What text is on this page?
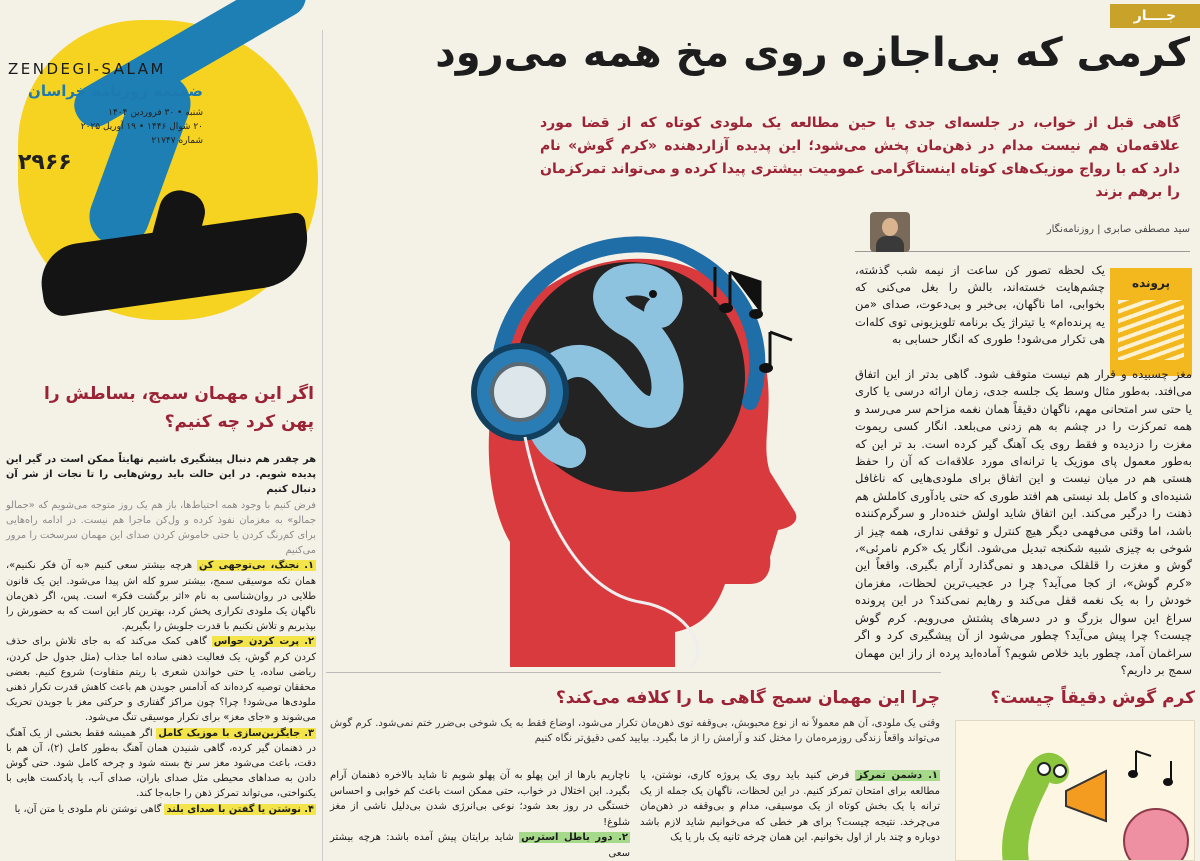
ZENDEGI-SALAM
ضمیمه روزنامه خراسان
شنبه • ۳۰ فروردین ۱۴۰۴
۲۰ شوال ۱۴۴۶ • ۱۹ آوریل ۲۰۲۵
شماره ۲۱۷۴۷
۲۹۶۶
جــــار
کرمی که بی‌اجازه روی مخ همه می‌رود

گاهی قبل از خواب، در جلسه‌ای جدی یا حین مطالعه یک ملودی کوتاه که از قضا مورد علاقه‌مان هم نیست مدام در ذهن‌مان پخش می‌شود؛ این پدیده آزاردهنده «کرم گوش» نام دارد که با رواج موزیک‌های کوتاه اینستاگرامی عمومیت بیشتری پیدا کرده و می‌تواند تمرکزمان را برهم بزند

سید مصطفی صابری | روزنامه‌نگار
پرونده

یک لحظه تصور کن ساعت از نیمه شب گذشته، چشم‌هایت خسته‌اند، بالش را بغل می‌کنی که بخوابی، اما ناگهان، بی‌خبر و بی‌دعوت، صدای «من یه پرنده‌ام» یا تیتراژ یک برنامه تلویزیونی توی کله‌ات هی تکرار می‌شود! طوری که انگار حسابی به

مغز چسبیده و قرار هم نیست متوقف شود. گاهی بدتر از این اتفاق می‌افتد. به‌طور مثال وسط یک جلسه جدی، زمان ارائه درسی یا کاری یا حتی سر امتحانی مهم، ناگهان دقیقاً همان نغمه مزاحم سر می‌رسد و همه تمرکزت را در چشم به هم زدنی می‌بلعد. انگار کسی ریموت مغزت را دزدیده و فقط روی یک آهنگ گیر کرده است. بد تر این که به‌طور معمول پای موزیک یا ترانه‌ای مورد علاقه‌ات که آن را حفظ هستی هم در میان نیست و این اتفاق برای ملودی‌هایی که ناغافل شنیده‌ای و کامل بلد نیستی هم افتد طوری که حتی یادآوری کاملش هم ذهنت را درگیر می‌کند. این اتفاق شاید اولش خنده‌دار و سرگرم‌کننده باشد، اما وقتی می‌فهمی دیگر هیچ کنترل و توقفی نداری، همه چیز از شوخی به چیزی شبیه شکنجه تبدیل می‌شود. انگار یک «کرم نامرئی»، گوش و مغزت را قلقلک می‌دهد و نمی‌گذارد آرام بگیری. واقعاً این «کرم گوش»، از کجا می‌آید؟ چرا در عجیب‌ترین لحظات، مغزمان خودش را به یک نغمه قفل می‌کند و رهایم نمی‌کند؟ در این پرونده سراغ این سوال بزرگ و در دسرهای پشتش می‌رویم. کرم گوش چیست؟ چرا پیش می‌آید؟ چطور می‌شود از آن پیشگیری کرد و اگر سراغمان آمد، چطور باید خلاص شویم؟ آماده‌اید پرده از راز این مهمان سمج بر داریم؟

اگر این مهمان سمج، بساطش را پهن کرد چه کنیم؟

هر چقدر هم دنبال پیشگیری باشیم نهایتاً ممکن است در گیر این پدیده شویم. در این حالت باید روش‌هایی را تا نجات از شر آن دنبال کنیم

فرض کنیم با وجود همه احتیاط‌ها، باز هم یک روز متوجه می‌شویم که «جمالو جمالو» به مغزمان نفوذ کرده و ول‌کن ماجرا هم نیست. در ادامه راه‌هایی برای کم‌رنگ کردن یا حتی خاموش کردن صدای این مهمان سرسخت را مرور می‌کنیم

۱. نجنگ، بی‌توجهی کن هرچه بیشتر سعی کنیم «به آن فکر نکنیم»، همان تکه موسیقی سمج، بیشتر سرو کله اش پیدا می‌شود. این یک قانون طلایی در روان‌شناسی به نام «اثر برگشت فکر» است. پس، اگر ذهن‌مان ناگهان یک ملودی تکراری پخش کرد، بهترین کار این است که به حضورش را بپذیریم و تلاش نکنیم با قدرت جلویش را بگیریم.

۲. پرت کردن حواس گاهی کمک می‌کند که به جای تلاش برای حذف کردن کرم گوش، یک فعالیت ذهنی ساده اما جذاب (مثل جدول حل کردن، ریاضی ساده، یا حتی خواندن شعری با ریتم متفاوت) شروع کنیم. بعضی محققان توصیه کرده‌اند که آدامس جویدن هم باعث کاهش قدرت تکرار ذهنی ملودی‌ها می‌شود! چرا؟ چون مراکز گفتاری و حرکتی مغز با جویدن تحریک می‌شوند و «جای مغز» برای تکرار موسیقی تنگ می‌شود.

۳. جایگزین‌سازی با موزیک کامل اگر همیشه فقط بخشی از یک آهنگ در ذهنمان گیر کرده، گاهی شنیدن همان آهنگ به‌طور کامل (۲)، آن هم با دقت، باعث می‌شود مغز سر نخ بسته شود و چرخه کامل شود. حتی گوش دادن به صداهای محیطی مثل صدای باران، صدای آب، یا پادکست هایی با یکنواختی، می‌تواند تمرکز ذهن را جابه‌جا کند.

۴. نوشتن یا گفتن با صدای بلند گاهی نوشتن نام ملودی یا متن آن، یا

چرا این مهمان سمج گاهی ما را کلافه می‌کند؟

وقتی یک ملودی، آن هم معمولاً نه از نوع محبوبش، بی‌وقفه توی ذهن‌مان تکرار می‌شود، اوضاع فقط به یک شوخی بی‌ضرر ختم نمی‌شود. کرم گوش می‌تواند واقعاً زندگی روزمره‌مان را مختل کند و آرامش را از ما بگیرد. بیایید کمی دقیق‌تر نگاه کنیم

۱. دشمن تمرکز فرض کنید باید روی یک پروژه کاری، نوشتن، یا مطالعه برای امتحان تمرکز کنیم. در این لحظات، ناگهان یک جمله از یک ترانه یا یک بخش کوتاه از یک موسیقی، مدام و بی‌وقفه در ذهن‌مان می‌چرخد. نتیجه چیست؟ برای هر خطی که می‌خوانیم شاید لازم باشد دوباره و چند بار از اول بخوانیم. این همان چرخه ثانیه یک بار یا یک

ناچاریم بارها از این پهلو به آن پهلو شویم تا شاید بالاخره ذهنمان آرام بگیرد. این اختلال در خواب، حتی ممکن است باعث کم خوابی و احساس خستگی در روز بعد شود؛ نوعی بی‌انرژی شدن بی‌دلیل ناشی از مغز شلوغ!

۲. دور باطل استرس شاید برایتان پیش آمده باشد: هرچه بیشتر سعی

کرم گوش دقیقاً چیست؟
